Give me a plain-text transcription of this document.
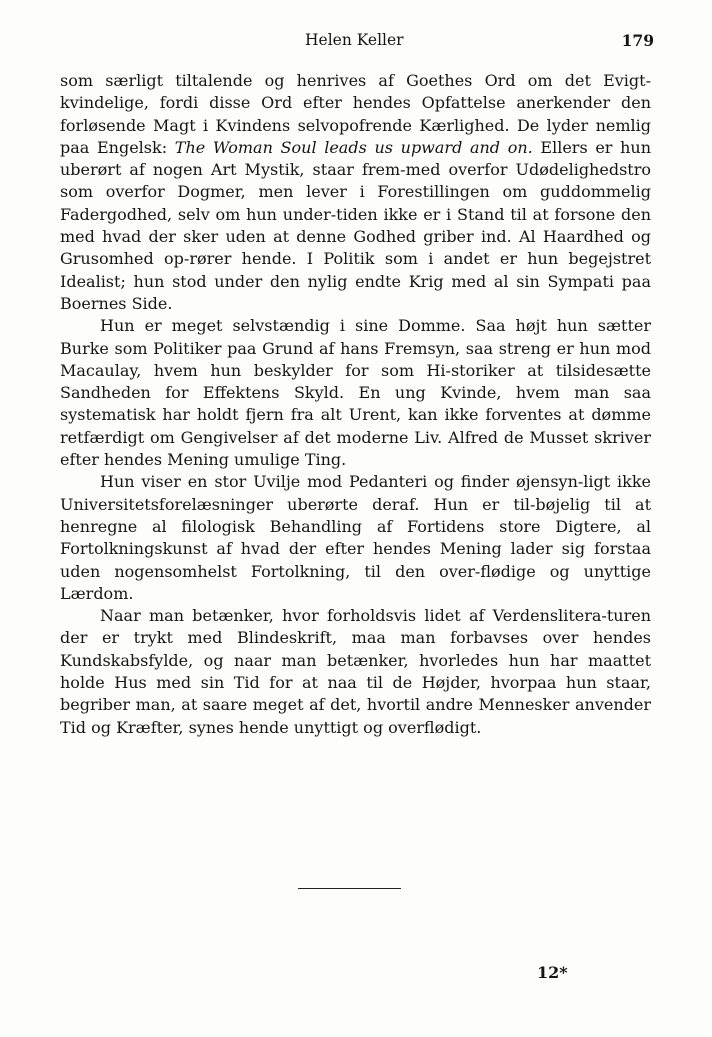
Helen Keller	179

som særligt tiltalende og henrives af Goethes Ord om det Evigt-kvindelige, fordi disse Ord efter hendes Opfattelse anerkender den forløsende Magt i Kvindens selvopofrende Kærlighed. De lyder nemlig paa Engelsk: The Woman Soul leads us upward and on. Ellers er hun uberørt af nogen Art Mystik, staar frem-med overfor Udødelighedstro som overfor Dogmer, men lever i Forestillingen om guddommelig Fadergodhed, selv om hun under-tiden ikke er i Stand til at forsone den med hvad der sker uden at denne Godhed griber ind. Al Haardhed og Grusomhed op-rører hende. I Politik som i andet er hun begejstret Idealist; hun stod under den nylig endte Krig med al sin Sympati paa Boernes Side.

Hun er meget selvstændig i sine Domme. Saa højt hun sætter Burke som Politiker paa Grund af hans Fremsyn, saa streng er hun mod Macaulay, hvem hun beskylder for som Hi-storiker at tilsidesætte Sandheden for Effektens Skyld. En ung Kvinde, hvem man saa systematisk har holdt fjern fra alt Urent, kan ikke forventes at dømme retfærdigt om Gengivelser af det moderne Liv. Alfred de Musset skriver efter hendes Mening umulige Ting.

Hun viser en stor Uvilje mod Pedanteri og finder øjensyn-ligt ikke Universitetsforelæsninger uberørte deraf. Hun er til-bøjelig til at henregne al filologisk Behandling af Fortidens store Digtere, al Fortolkningskunst af hvad der efter hendes Mening lader sig forstaa uden nogensomhelst Fortolkning, til den over-flødige og unyttige Lærdom.

Naar man betænker, hvor forholdsvis lidet af Verdenslitera-turen der er trykt med Blindeskrift, maa man forbavses over hendes Kundskabsfylde, og naar man betænker, hvorledes hun har maattet holde Hus med sin Tid for at naa til de Højder, hvorpaa hun staar, begriber man, at saare meget af det, hvortil andre Mennesker anvender Tid og Kræfter, synes hende unyttigt og overflødigt.

12*
